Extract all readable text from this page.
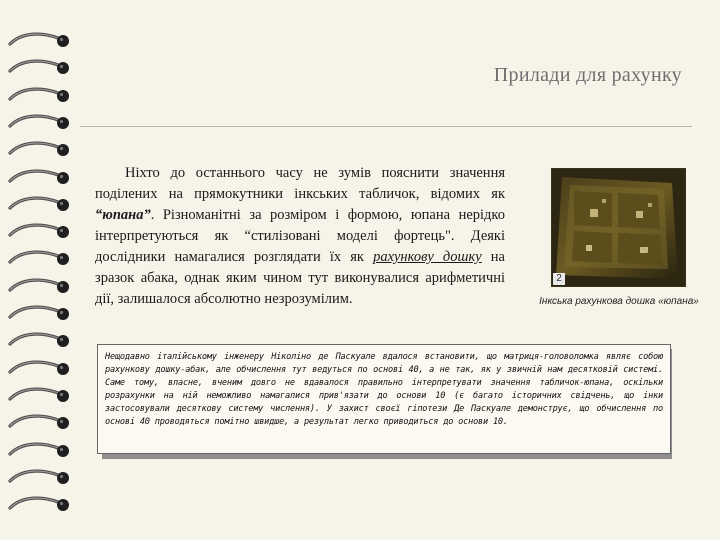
Прилади для рахунку
Ніхто до останнього часу не зумів пояснити значення поділених на прямокутники інкських табличок, відомих як “юпана”. Різноманітні за розміром і формою, юпана нерідко інтерпретуються як “стилізовані моделі фортець". Деякі дослідники намагалися розглядати їх як рахункову дошку на зразок абака, однак яким чином тут виконувалися арифметичні дії, залишалося абсолютно незрозумілим.
2
Інкська рахункова дошка «юпана»
Нещодавно італійському інженеру Ніколіно де Паскуале вдалося встановити, що матриця-головоломка являє собою рахункову дошку-абак, але обчислення тут ведуться по основі 40, а не так, як у звичній нам десятковій системі. Саме тому, власне, вченим довго не вдавалося правильно інтерпретувати значення табличок-юпана, оскільки розрахунки на ній неможливо намагалися прив'язати до основи 10 (є багато історичних свідчень, що інки застосовували десяткову систему числення). У захист своєї гіпотези Де Паскуале демонструє, що обчислення по основі 40 проводяться помітно швидше, а результат легко приводиться до основи 10.
